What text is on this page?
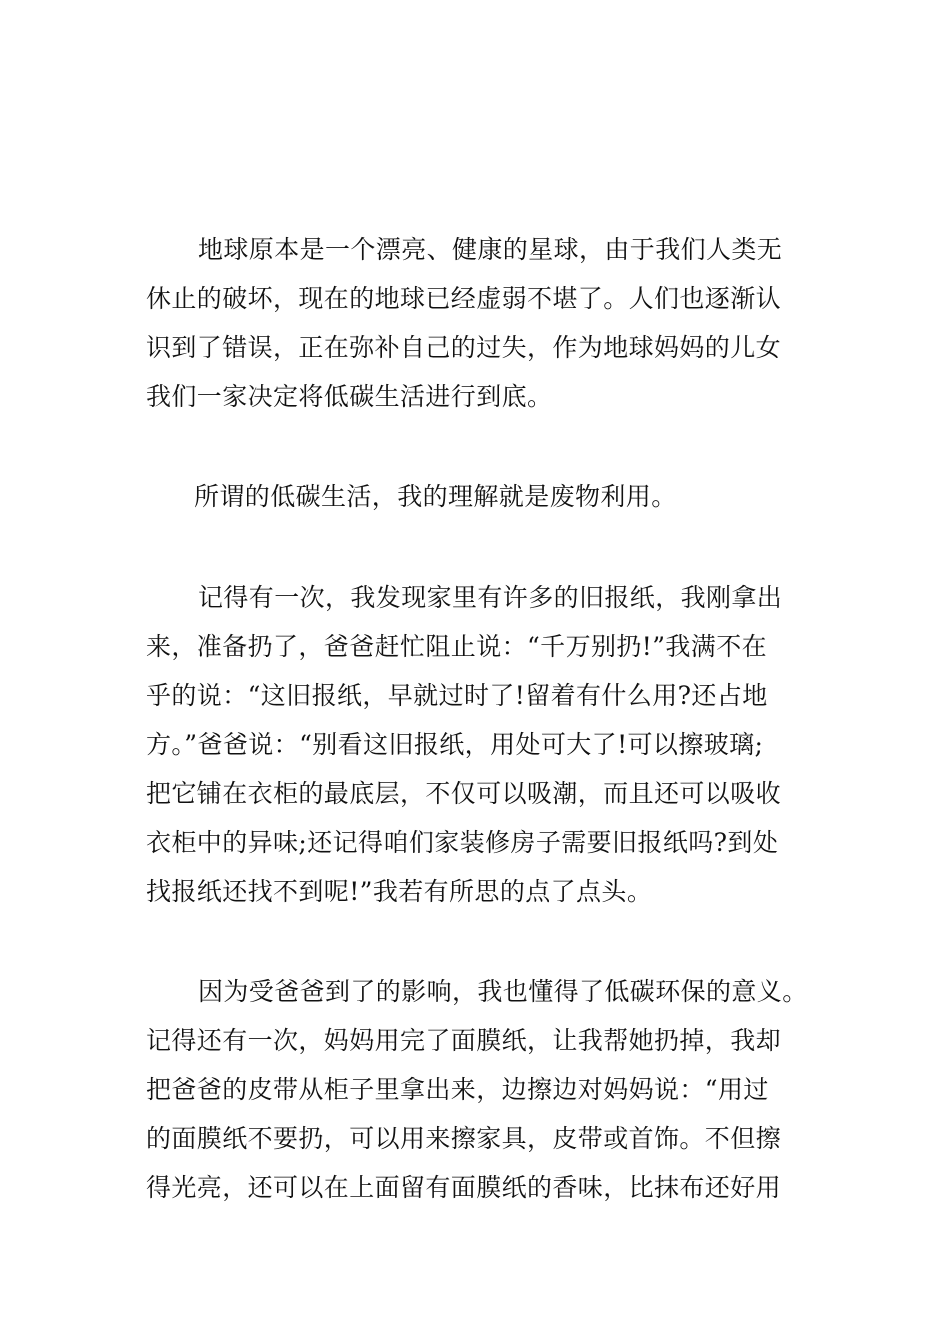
地球原本是一个漂亮、健康的星球，由于我们人类无
休止的破坏，现在的地球已经虚弱不堪了。人们也逐渐认
识到了错误，正在弥补自己的过失，作为地球妈妈的儿女
我们一家决定将低碳生活进行到底。
所谓的低碳生活，我的理解就是废物利用。
记得有一次，我发现家里有许多的旧报纸，我刚拿出
来，准备扔了，爸爸赶忙阻止说：“千万别扔!”我满不在
乎的说：“这旧报纸，早就过时了!留着有什么用?还占地
方。”爸爸说：“别看这旧报纸，用处可大了!可以擦玻璃;
把它铺在衣柜的最底层，不仅可以吸潮，而且还可以吸收
衣柜中的异味;还记得咱们家装修房子需要旧报纸吗?到处
找报纸还找不到呢!”我若有所思的点了点头。
因为受爸爸到了的影响，我也懂得了低碳环保的意义。
记得还有一次，妈妈用完了面膜纸，让我帮她扔掉，我却
把爸爸的皮带从柜子里拿出来，边擦边对妈妈说：“用过
的面膜纸不要扔，可以用来擦家具，皮带或首饰。不但擦
得光亮，还可以在上面留有面膜纸的香味，比抹布还好用
